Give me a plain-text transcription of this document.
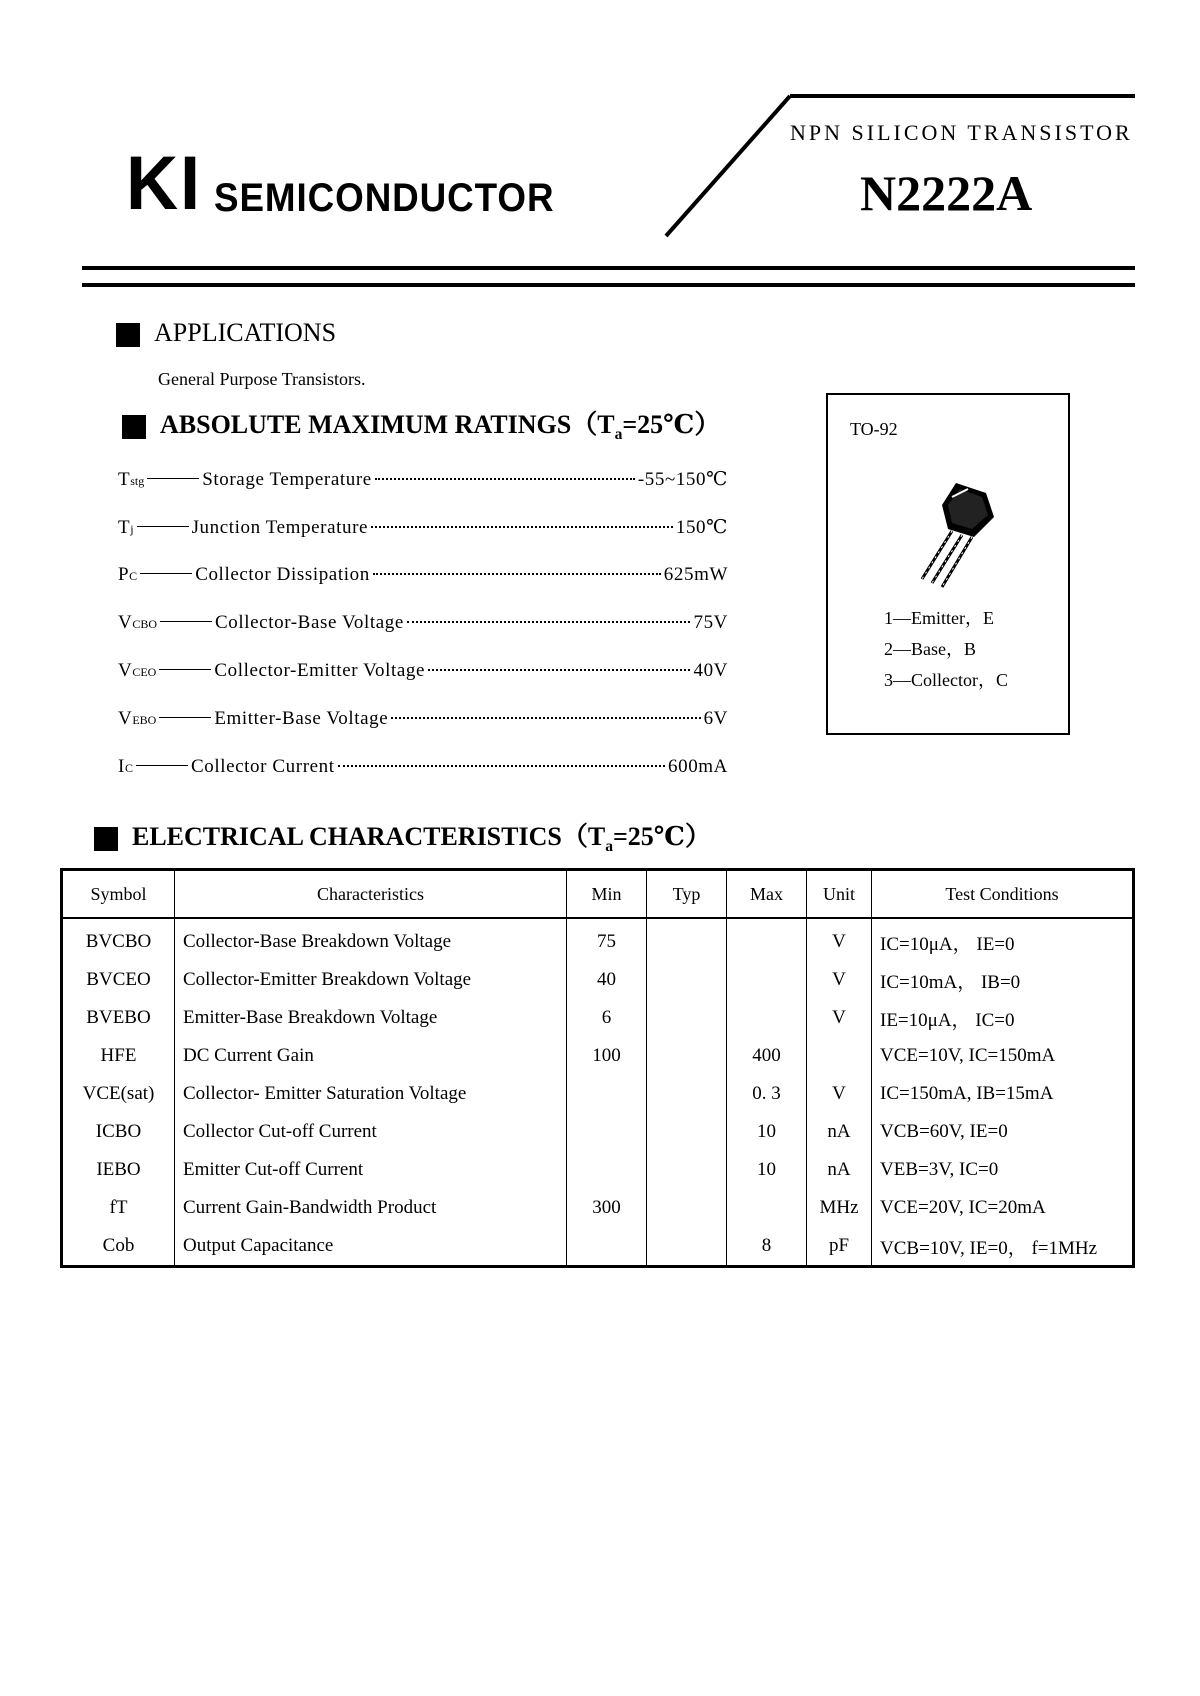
KI SEMICONDUCTOR
NPN SILICON TRANSISTOR
N2222A
APPLICATIONS
General Purpose Transistors.
ABSOLUTE MAXIMUM $RATINGS(T_a=25℃)$
Tstg	Storage Temperature	-55~150℃
Tj	Junction Temperature	150℃
PC	Collector Dissipation	625mW
VCBO	Collector-Base Voltage	75V
VCEO	Collector-Emitter Voltage	40V
VEBO	Emitter-Base Voltage	6V
IC	Collector Current	600mA
TO-92
1—Emitter，E
2—Base，B
3—Collector，C
ELECTRICAL $CHARACTERISTICS(T_a=25℃)$
Symbol	Characteristics	Min	Typ	Max	Unit	Test Conditions
BVCBO	Collector-Base Breakdown Voltage	75			V	IC=10μA， IE=0
BVCEO	Collector-Emitter Breakdown Voltage	40			V	IC=10mA， IB=0
BVEBO	Emitter-Base Breakdown Voltage	6			V	IE=10μA， IC=0
HFE	DC Current Gain	100		400		VCE=10V, IC=150mA
VCE(sat)	Collector- Emitter Saturation Voltage			0. 3	V	IC=150mA, IB=15mA
ICBO	Collector Cut-off Current			10	nA	VCB=60V, IE=0
IEBO	Emitter Cut-off Current			10	nA	VEB=3V, IC=0
fT	Current Gain-Bandwidth Product	300			MHz	VCE=20V, IC=20mA
Cob	Output Capacitance			8	pF	VCB=10V, IE=0， f=1MHz
